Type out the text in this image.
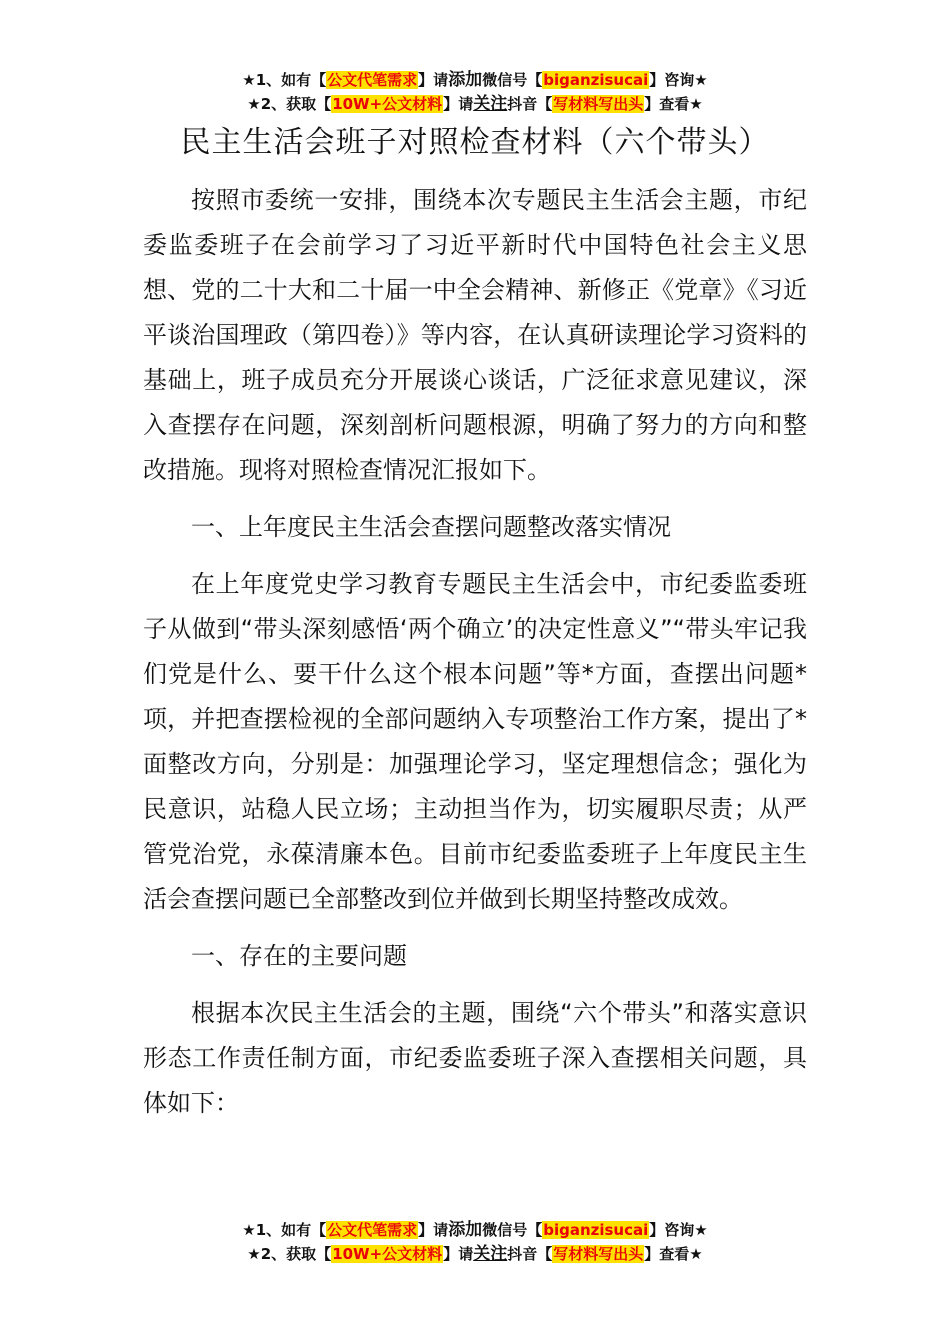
★1、如有【公文代笔需求】请添加微信号【biganzisucai】咨询★
★2、获取【10W+公文材料】请关注抖音【写材料写出头】查看★
民主生活会班子对照检查材料（六个带头）

按照市委统一安排，围绕本次专题民主生活会主题，市纪委监委班子在会前学习了习近平新时代中国特色社会主义思想、党的二十大和二十届一中全会精神、新修正《党章》《习近平谈治国理政（第四卷）》等内容，在认真研读理论学习资料的基础上，班子成员充分开展谈心谈话，广泛征求意见建议，深入查摆存在问题，深刻剖析问题根源，明确了努力的方向和整改措施。现将对照检查情况汇报如下。

一、上年度民主生活会查摆问题整改落实情况

在上年度党史学习教育专题民主生活会中，市纪委监委班子从做到“带头深刻感悟‘两个确立’的决定性意义”“带头牢记我们党是什么、要干什么这个根本问题”等*方面，查摆出问题*项，并把查摆检视的全部问题纳入专项整治工作方案，提出了*面整改方向，分别是：加强理论学习，坚定理想信念；强化为民意识，站稳人民立场；主动担当作为，切实履职尽责；从严管党治党，永葆清廉本色。目前市纪委监委班子上年度民主生活会查摆问题已全部整改到位并做到长期坚持整改成效。

一、存在的主要问题

根据本次民主生活会的主题，围绕“六个带头”和落实意识形态工作责任制方面，市纪委监委班子深入查摆相关问题，具体如下：

★1、如有【公文代笔需求】请添加微信号【biganzisucai】咨询★
★2、获取【10W+公文材料】请关注抖音【写材料写出头】查看★
